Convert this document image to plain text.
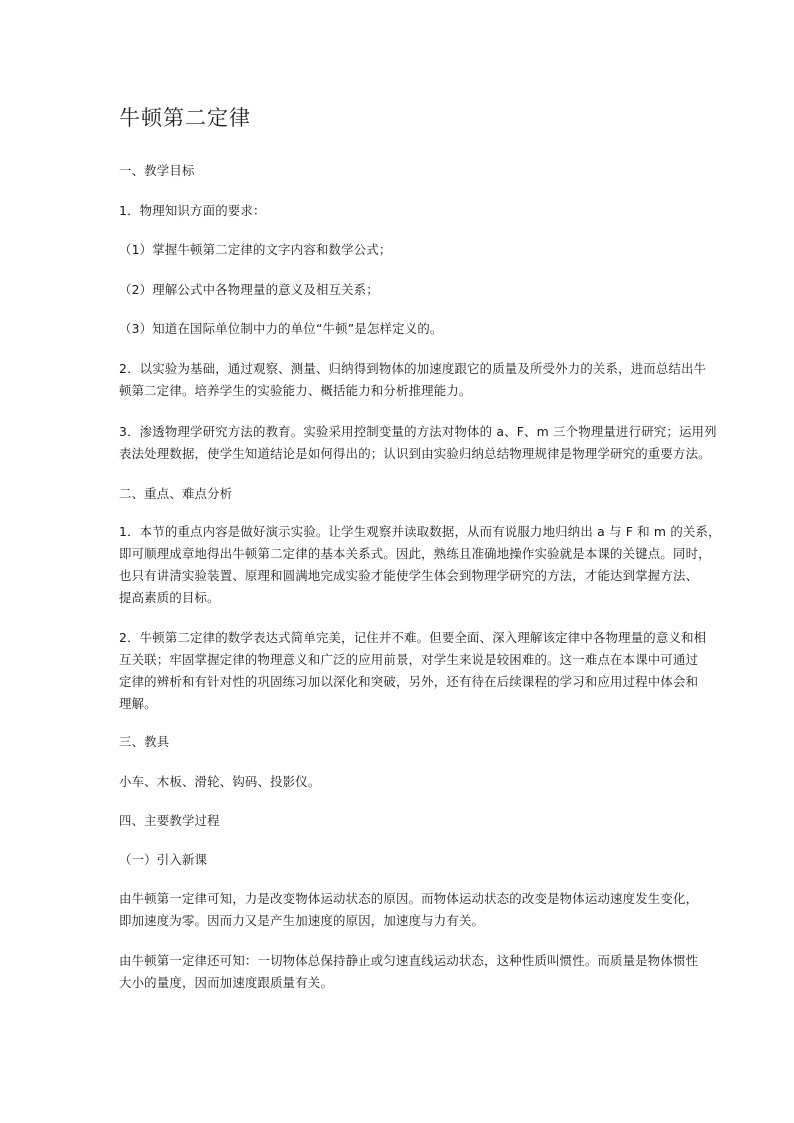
牛顿第二定律

一、教学目标

1．物理知识方面的要求：

（1）掌握牛顿第二定律的文字内容和数学公式；

（2）理解公式中各物理量的意义及相互关系；

（3）知道在国际单位制中力的单位“牛顿”是怎样定义的。

2．以实验为基础，通过观察、测量、归纳得到物体的加速度跟它的质量及所受外力的关系，进而总结出牛
顿第二定律。培养学生的实验能力、概括能力和分析推理能力。

3．渗透物理学研究方法的教育。实验采用控制变量的方法对物体的 a、F、m 三个物理量进行研究；运用列
表法处理数据，使学生知道结论是如何得出的；认识到由实验归纳总结物理规律是物理学研究的重要方法。

二、重点、难点分析

1．本节的重点内容是做好演示实验。让学生观察并读取数据，从而有说服力地归纳出 a 与 F 和 m 的关系，
即可顺理成章地得出牛顿第二定律的基本关系式。因此，熟练且准确地操作实验就是本课的关键点。同时，
也只有讲清实验装置、原理和圆满地完成实验才能使学生体会到物理学研究的方法，才能达到掌握方法、
提高素质的目标。

2．牛顿第二定律的数学表达式简单完美，记住并不难。但要全面、深入理解该定律中各物理量的意义和相
互关联；牢固掌握定律的物理意义和广泛的应用前景，对学生来说是较困难的。这一难点在本课中可通过
定律的辨析和有针对性的巩固练习加以深化和突破，另外，还有待在后续课程的学习和应用过程中体会和
理解。

三、教具

小车、木板、滑轮、钩码、投影仪。

四、主要教学过程

（一）引入新课

由牛顿第一定律可知，力是改变物体运动状态的原因。而物体运动状态的改变是物体运动速度发生变化，
即加速度为零。因而力又是产生加速度的原因，加速度与力有关。

由牛顿第一定律还可知：一切物体总保持静止或匀速直线运动状态，这种性质叫惯性。而质量是物体惯性
大小的量度，因而加速度跟质量有关。
